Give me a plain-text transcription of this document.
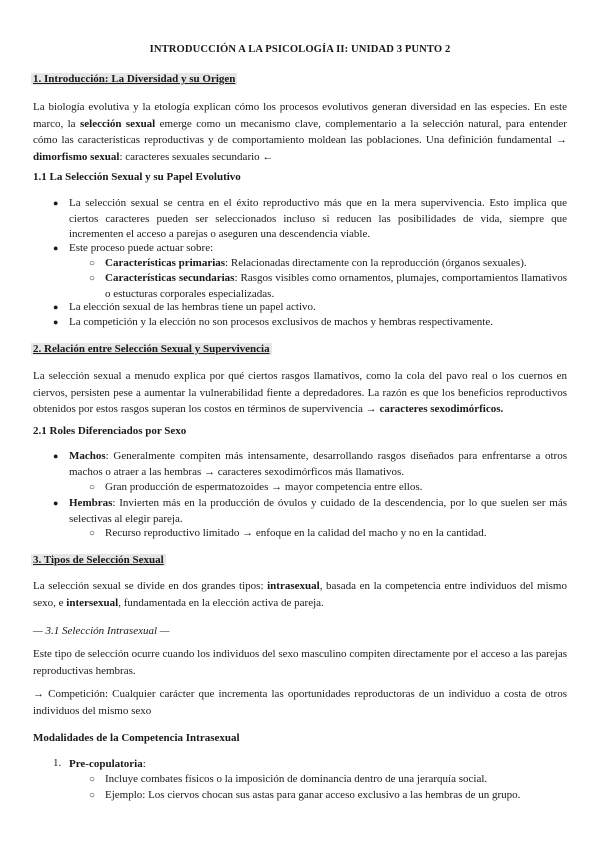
INTRODUCCIÓN A LA PSICOLOGÍA II: UNIDAD 3 PUNTO 2
1. Introducción: La Diversidad y su Origen
La biología evolutiva y la etología explican cómo los procesos evolutivos generan diversidad en las especies. En este marco, la selección sexual emerge como un mecanismo clave, complementario a la selección natural, para entender cómo las características reproductivas y de comportamiento moldean las poblaciones. Una definición fundamental → dimorfismo sexual: caracteres sexuales secundario ←
1.1 La Selección Sexual y su Papel Evolutivo
● La selección sexual se centra en el éxito reproductivo más que en la mera supervivencia. Esto implica que ciertos caracteres pueden ser seleccionados incluso si reducen las posibilidades de vida, siempre que incrementen el acceso a parejas o aseguren una descendencia viable.
● Este proceso puede actuar sobre:
○ Características primarias: Relacionadas directamente con la reproducción (órganos sexuales).
○ Características secundarias: Rasgos visibles como ornamentos, plumajes, comportamientos llamativos o estucturas corporales especializadas.
● La elección sexual de las hembras tiene un papel activo.
● La competición y la elección no son procesos exclusivos de machos y hembras respectivamente.
2. Relación entre Selección Sexual y Supervivencia
La selección sexual a menudo explica por qué ciertos rasgos llamativos, como la cola del pavo real o los cuernos en ciervos, persisten pese a aumentar la vulnerabilidad fiente a depredadores. La razón es que los beneficios reproductivos obtenidos por estos rasgos superan los costos en términos de supervivencia → caracteres sexodimórficos.
2.1 Roles Diferenciados por Sexo
● Machos: Generalmente compiten más intensamente, desarrollando rasgos diseñados para enfrentarse a otros machos o atraer a las hembras → caracteres sexodimórficos más llamativos.
○ Gran producción de espermatozoides → mayor competencia entre ellos.
● Hembras: Invierten más en la producción de óvulos y cuidado de la descendencia, por lo que suelen ser más selectivas al elegir pareja.
○ Recurso reproductivo limitado → enfoque en la calidad del macho y no en la cantidad.
3. Tipos de Selección Sexual
La selección sexual se divide en dos grandes tipos: intrasexual, basada en la competencia entre individuos del mismo sexo, e intersexual, fundamentada en la elección activa de pareja.
— 3.1 Selección Intrasexual —
Este tipo de selección ocurre cuando los individuos del sexo masculino compiten directamente por el acceso a las parejas reproductivas hembras.
→ Competición: Cualquier carácter que incrementa las oportunidades reproductoras de un individuo a costa de otros individuos del mismo sexo
Modalidades de la Competencia Intrasexual
1. Pre-copulatoria:
○ Incluye combates físicos o la imposición de dominancia dentro de una jerarquía social.
○ Ejemplo: Los ciervos chocan sus astas para ganar acceso exclusivo a las hembras de un grupo.
